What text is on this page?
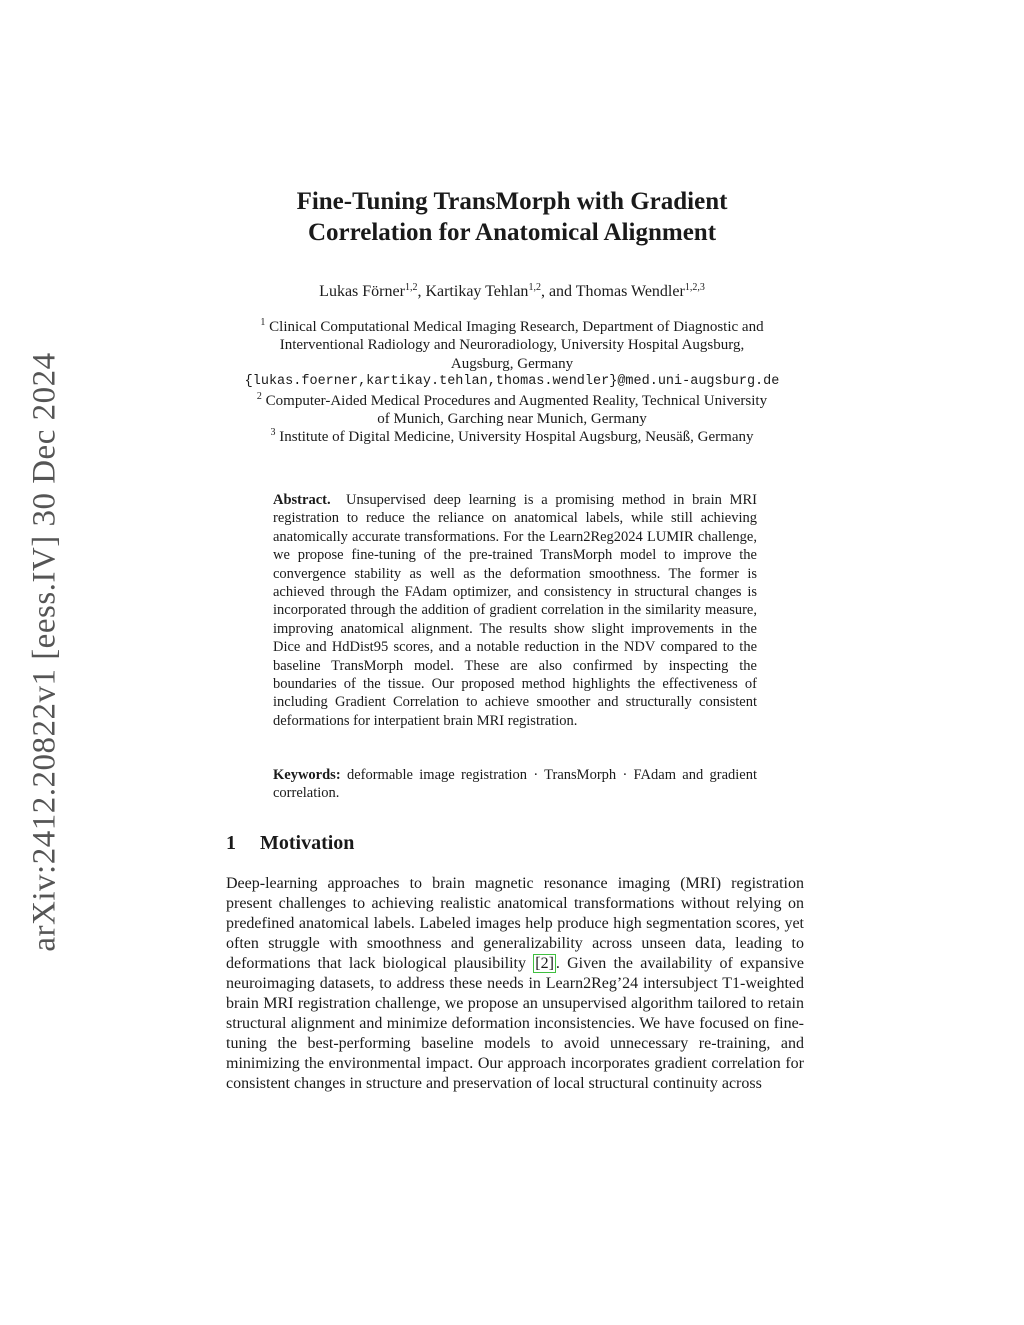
arXiv:2412.20822v1 [eess.IV] 30 Dec 2024
Fine-Tuning TransMorph with Gradient
Correlation for Anatomical Alignment
Lukas Förner$^{1,2}$, Kartikay Tehlan$^{1,2}$, and Thomas Wendler$^{1,2,3}$
$^1$ Clinical Computational Medical Imaging Research, Department of Diagnostic and
Interventional Radiology and Neuroradiology, University Hospital Augsburg,
Augsburg, Germany
{lukas.foerner,kartikay.tehlan,thomas.wendler}@med.uni-augsburg.de
$^2$ Computer-Aided Medical Procedures and Augmented Reality, Technical University
of Munich, Garching near Munich, Germany
$^3$ Institute of Digital Medicine, University Hospital Augsburg, Neusäß, Germany
Abstract. Unsupervised deep learning is a promising method in brain MRI registration to reduce the reliance on anatomical labels, while still achieving anatomically accurate transformations. For the Learn2Reg2024 LUMIR challenge, we propose fine-tuning of the pre-trained TransMorph model to improve the convergence stability as well as the deformation smoothness. The former is achieved through the FAdam optimizer, and consistency in structural changes is incorporated through the addition of gradient correlation in the similarity measure, improving anatomical alignment. The results show slight improvements in the Dice and HdDist95 scores, and a notable reduction in the NDV compared to the baseline TransMorph model. These are also confirmed by inspecting the boundaries of the tissue. Our proposed method highlights the effectiveness of including Gradient Correlation to achieve smoother and structurally consistent deformations for interpatient brain MRI registration.
Keywords: deformable image registration · TransMorph · FAdam and gradient correlation.
1 Motivation
Deep-learning approaches to brain magnetic resonance imaging (MRI) registration present challenges to achieving realistic anatomical transformations without relying on predefined anatomical labels. Labeled images help produce high segmentation scores, yet often struggle with smoothness and generalizability across unseen data, leading to deformations that lack biological plausibility [2] . Given the availability of expansive neuroimaging datasets, to address these needs in Learn2Reg’24 intersubject T1-weighted brain MRI registration challenge, we propose an unsupervised algorithm tailored to retain structural alignment and minimize deformation inconsistencies. We have focused on fine-tuning the best-performing baseline models to avoid unnecessary re-training, and minimizing the environmental impact. Our approach incorporates gradient correlation for consistent changes in structure and preservation of local structural continuity across
